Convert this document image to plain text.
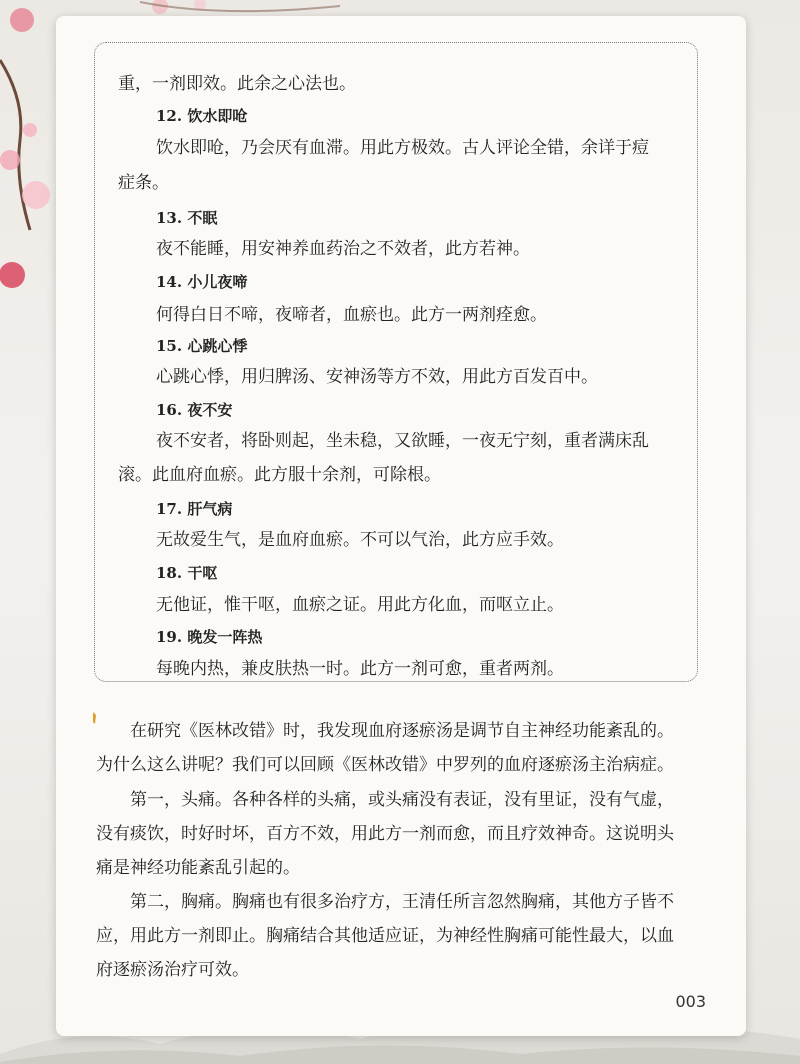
重，一剂即效。此余之心法也。

12. 饮水即呛

饮水即呛，乃会厌有血滞。用此方极效。古人评论全错，余详于痘

症条。

13. 不眠

夜不能睡，用安神养血药治之不效者，此方若神。

14. 小儿夜啼

何得白日不啼，夜啼者，血瘀也。此方一两剂痊愈。

15. 心跳心悸

心跳心悸，用归脾汤、安神汤等方不效，用此方百发百中。

16. 夜不安

夜不安者，将卧则起，坐未稳，又欲睡，一夜无宁刻，重者满床乱

滚。此血府血瘀。此方服十余剂，可除根。

17. 肝气病

无故爱生气，是血府血瘀。不可以气治，此方应手效。

18. 干呕

无他证，惟干呕，血瘀之证。用此方化血，而呕立止。

19. 晚发一阵热

每晚内热，兼皮肤热一时。此方一剂可愈，重者两剂。

在研究《医林改错》时，我发现血府逐瘀汤是调节自主神经功能紊乱的。

为什么这么讲呢？我们可以回顾《医林改错》中罗列的血府逐瘀汤主治病症。

第一，头痛。各种各样的头痛，或头痛没有表证，没有里证，没有气虚，

没有痰饮，时好时坏，百方不效，用此方一剂而愈，而且疗效神奇。这说明头

痛是神经功能紊乱引起的。

第二，胸痛。胸痛也有很多治疗方，王清任所言忽然胸痛，其他方子皆不

应，用此方一剂即止。胸痛结合其他适应证，为神经性胸痛可能性最大，以血

府逐瘀汤治疗可效。

003
